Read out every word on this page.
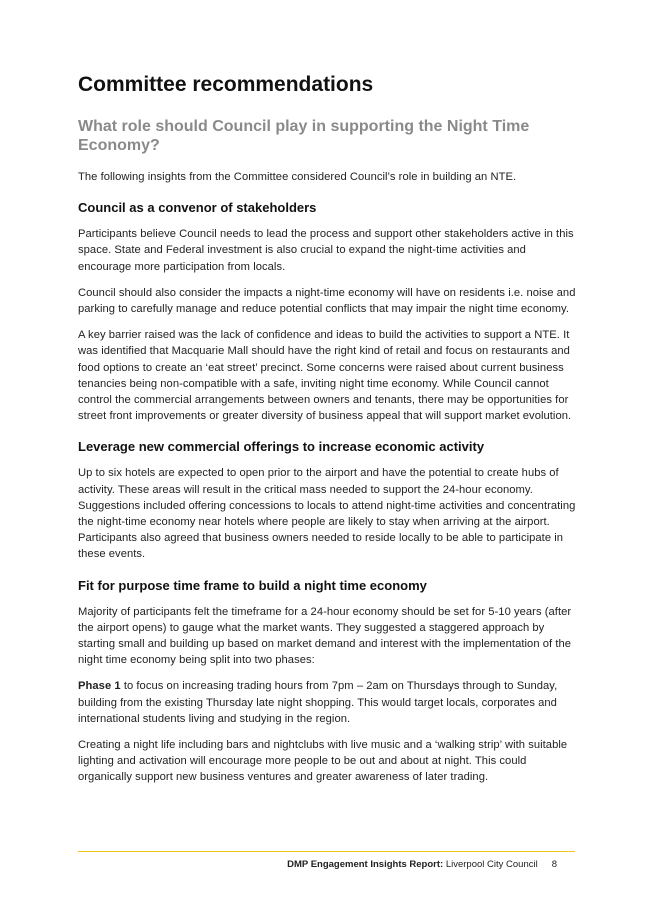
Committee recommendations
What role should Council play in supporting the Night Time Economy?

The following insights from the Committee considered Council’s role in building an NTE.

Council as a convenor of stakeholders

Participants believe Council needs to lead the process and support other stakeholders active in this space. State and Federal investment is also crucial to expand the night-time activities and encourage more participation from locals.

Council should also consider the impacts a night-time economy will have on residents i.e. noise and parking to carefully manage and reduce potential conflicts that may impair the night time economy.

A key barrier raised was the lack of confidence and ideas to build the activities to support a NTE. It was identified that Macquarie Mall should have the right kind of retail and focus on restaurants and food options to create an ‘eat street’ precinct. Some concerns were raised about current business tenancies being non-compatible with a safe, inviting night time economy. While Council cannot control the commercial arrangements between owners and tenants, there may be opportunities for street front improvements or greater diversity of business appeal that will support market evolution.

Leverage new commercial offerings to increase economic activity

Up to six hotels are expected to open prior to the airport and have the potential to create hubs of activity. These areas will result in the critical mass needed to support the 24-hour economy. Suggestions included offering concessions to locals to attend night-time activities and concentrating the night-time economy near hotels where people are likely to stay when arriving at the airport. Participants also agreed that business owners needed to reside locally to be able to participate in these events.

Fit for purpose time frame to build a night time economy

Majority of participants felt the timeframe for a 24-hour economy should be set for 5-10 years (after the airport opens) to gauge what the market wants. They suggested a staggered approach by starting small and building up based on market demand and interest with the implementation of the night time economy being split into two phases:

Phase 1 to focus on increasing trading hours from 7pm – 2am on Thursdays through to Sunday, building from the existing Thursday late night shopping. This would target locals, corporates and international students living and studying in the region.

Creating a night life including bars and nightclubs with live music and a ‘walking strip’ with suitable lighting and activation will encourage more people to be out and about at night. This could organically support new business ventures and greater awareness of later trading.

DMP Engagement Insights Report: Liverpool City Council 8
